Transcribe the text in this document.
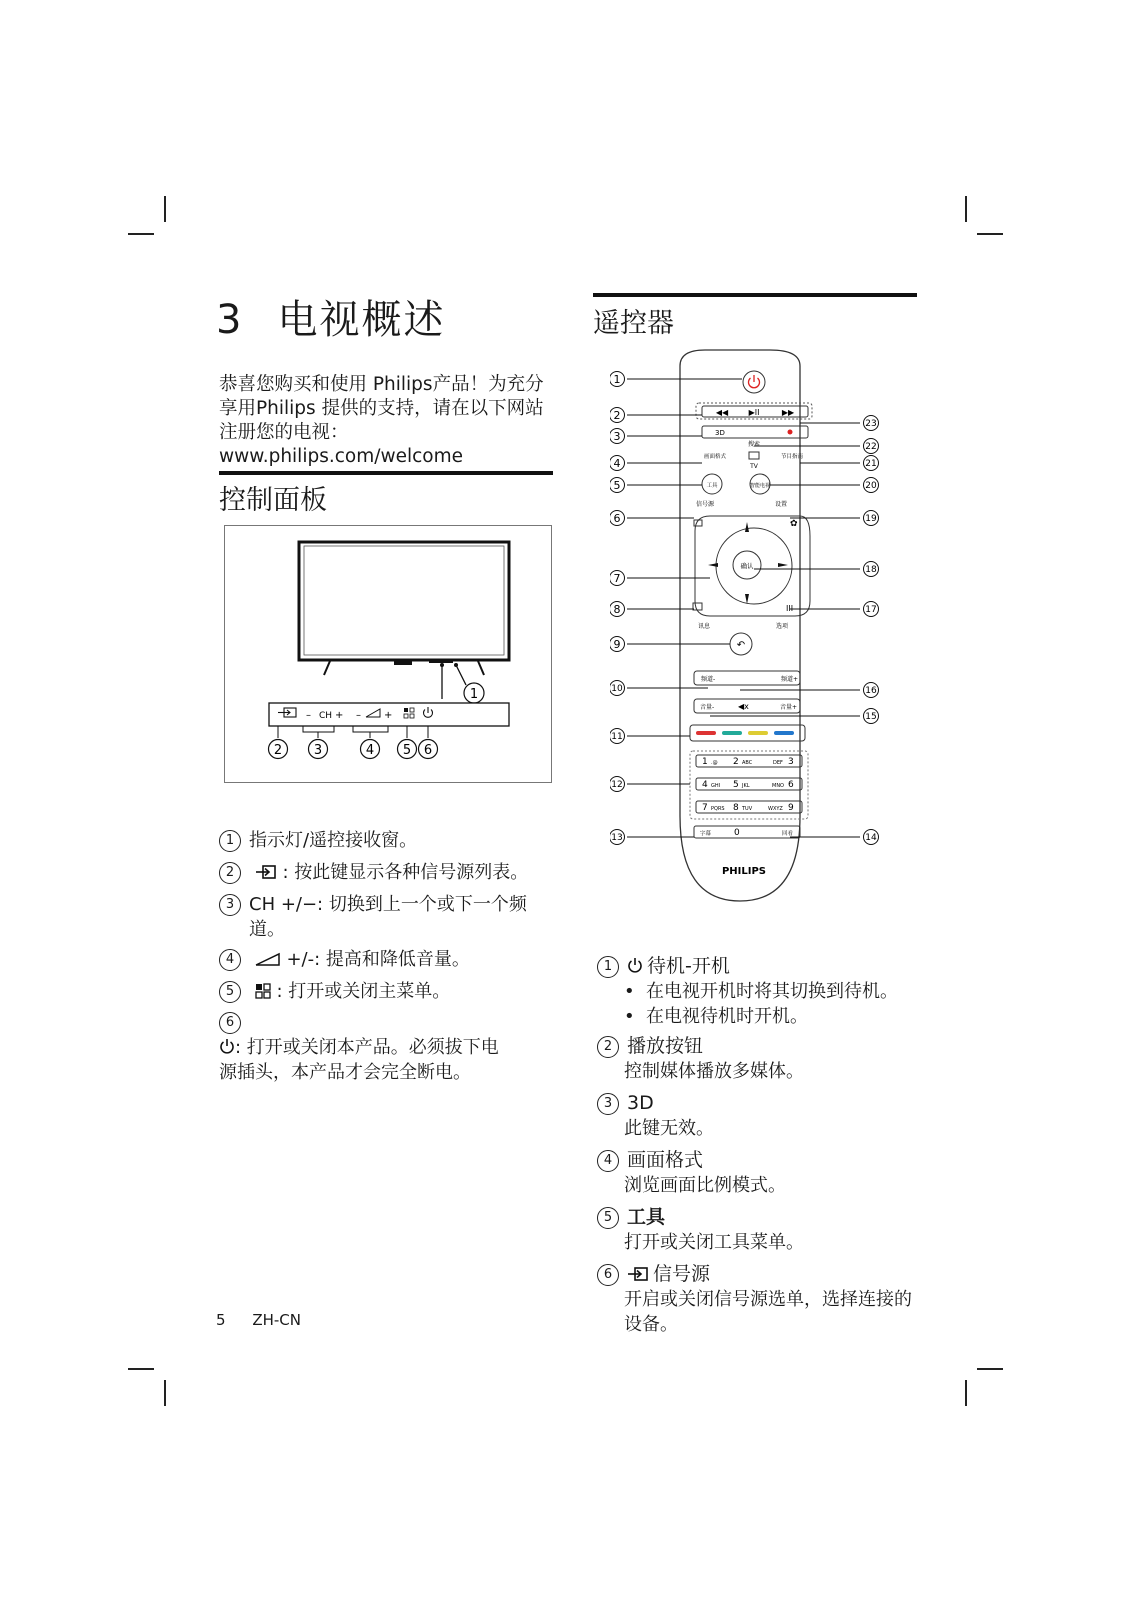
3 电视概述
恭喜您购买和使用 Philips产品！为充分享用Philips 提供的支持，请在以下网站注册您的电视：www.philips.com/welcome
控制面板
1
– CH + – +
2 3	4 5 6
1 指示灯/遥控接收窗。
2	: 按此键显示各种信号源列表。
3 CH +/−: 切换到上一个或下一个频道。
4	+/-: 提高和降低音量。
5 : 打开或关闭主菜单。
6 : 打开或关闭本产品。必须拔下电源插头，本产品才会完全断电。
5 ZH-CN
遥控器
◀◀	▶II	▶▶
3D
搜索
画面格式
TV
节目指南
工具	智能电视
信号源	设置
确认
✿
III
讯息	选项
↶
频道-	频道+
音量-	◀x	音量+
1 .@ 2 ABC	3
DEF
4 GHI 5 JKL	6
MNO
7 PQRS 8 TUV	9
WXYZ
字幕	0	回看
PHILIPS
1
2
3
4
5
6
7
8
9
10
11
12
13
23
22
21
20
19
18
17
16
15
14
1 待机-开机
• 在电视开机时将其切换到待机。
• 在电视待机时开机。
2 播放按钮
控制媒体播放多媒体。
3 3D
此键无效。
4 画面格式
浏览画面比例模式。
5 工具
打开或关闭工具菜单。
6 信号源
开启或关闭信号源选单，选择连接的设备。
